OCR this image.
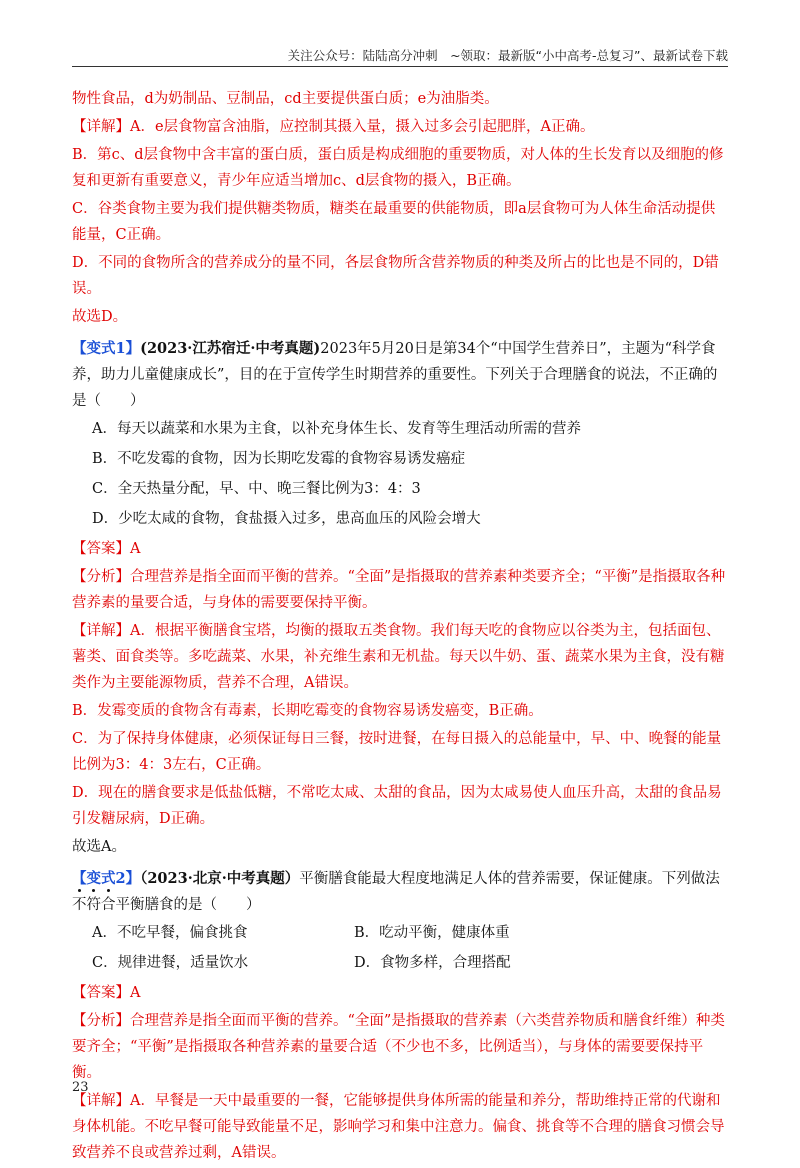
关注公众号：陆陆高分冲刺　~领取：最新版“小中高考-总复习”、最新试卷下载

物性食品，d为奶制品、豆制品，cd主要提供蛋白质；e为油脂类。

【详解】A．e层食物富含油脂，应控制其摄入量，摄入过多会引起肥胖，A正确。

B．第c、d层食物中含丰富的蛋白质，蛋白质是构成细胞的重要物质，对人体的生长发育以及细胞的修复和更新有重要意义，青少年应适当增加c、d层食物的摄入，B正确。

C．谷类食物主要为我们提供糖类物质，糖类在最重要的供能物质，即a层食物可为人体生命活动提供能量，C正确。

D．不同的食物所含的营养成分的量不同，各层食物所含营养物质的种类及所占的比也是不同的，D错误。

故选D。

【变式1】(2023·江苏宿迁·中考真题)2023年5月20日是第34个“中国学生营养日”，主题为“科学食养，助力儿童健康成长”，目的在于宣传学生时期营养的重要性。下列关于合理膳食的说法，不正确的是（　　）

A．每天以蔬菜和水果为主食，以补充身体生长、发育等生理活动所需的营养

B．不吃发霉的食物，因为长期吃发霉的食物容易诱发癌症

C．全天热量分配，早、中、晚三餐比例为3：4：3

D．少吃太咸的食物，食盐摄入过多，患高血压的风险会增大

【答案】A

【分析】合理营养是指全面而平衡的营养。“全面”是指摄取的营养素种类要齐全；“平衡”是指摄取各种营养素的量要合适，与身体的需要要保持平衡。

【详解】A．根据平衡膳食宝塔，均衡的摄取五类食物。我们每天吃的食物应以谷类为主，包括面包、薯类、面食类等。多吃蔬菜、水果，补充维生素和无机盐。每天以牛奶、蛋、蔬菜水果为主食，没有糖类作为主要能源物质，营养不合理，A错误。

B．发霉变质的食物含有毒素，长期吃霉变的食物容易诱发癌变，B正确。

C．为了保持身体健康，必须保证每日三餐，按时进餐，在每日摄入的总能量中，早、中、晚餐的能量比例为3：4：3左右，C正确。

D．现在的膳食要求是低盐低糖，不常吃太咸、太甜的食品，因为太咸易使人血压升高，太甜的食品易引发糖尿病，D正确。

故选A。

【变式2】（2023·北京·中考真题）平衡膳食能最大程度地满足人体的营养需要，保证健康。下列做法不符合平衡膳食的是（　　）

A．不吃早餐，偏食挑食	B．吃动平衡，健康体重
C．规律进餐，适量饮水	D．食物多样，合理搭配

【答案】A

【分析】合理营养是指全面而平衡的营养。“全面”是指摄取的营养素（六类营养物质和膳食纤维）种类要齐全；“平衡”是指摄取各种营养素的量要合适（不少也不多，比例适当），与身体的需要要保持平衡。

【详解】A．早餐是一天中最重要的一餐，它能够提供身体所需的能量和养分，帮助维持正常的代谢和身体机能。不吃早餐可能导致能量不足，影响学习和集中注意力。偏食、挑食等不合理的膳食习惯会导致营养不良或营养过剩，A错误。

23
